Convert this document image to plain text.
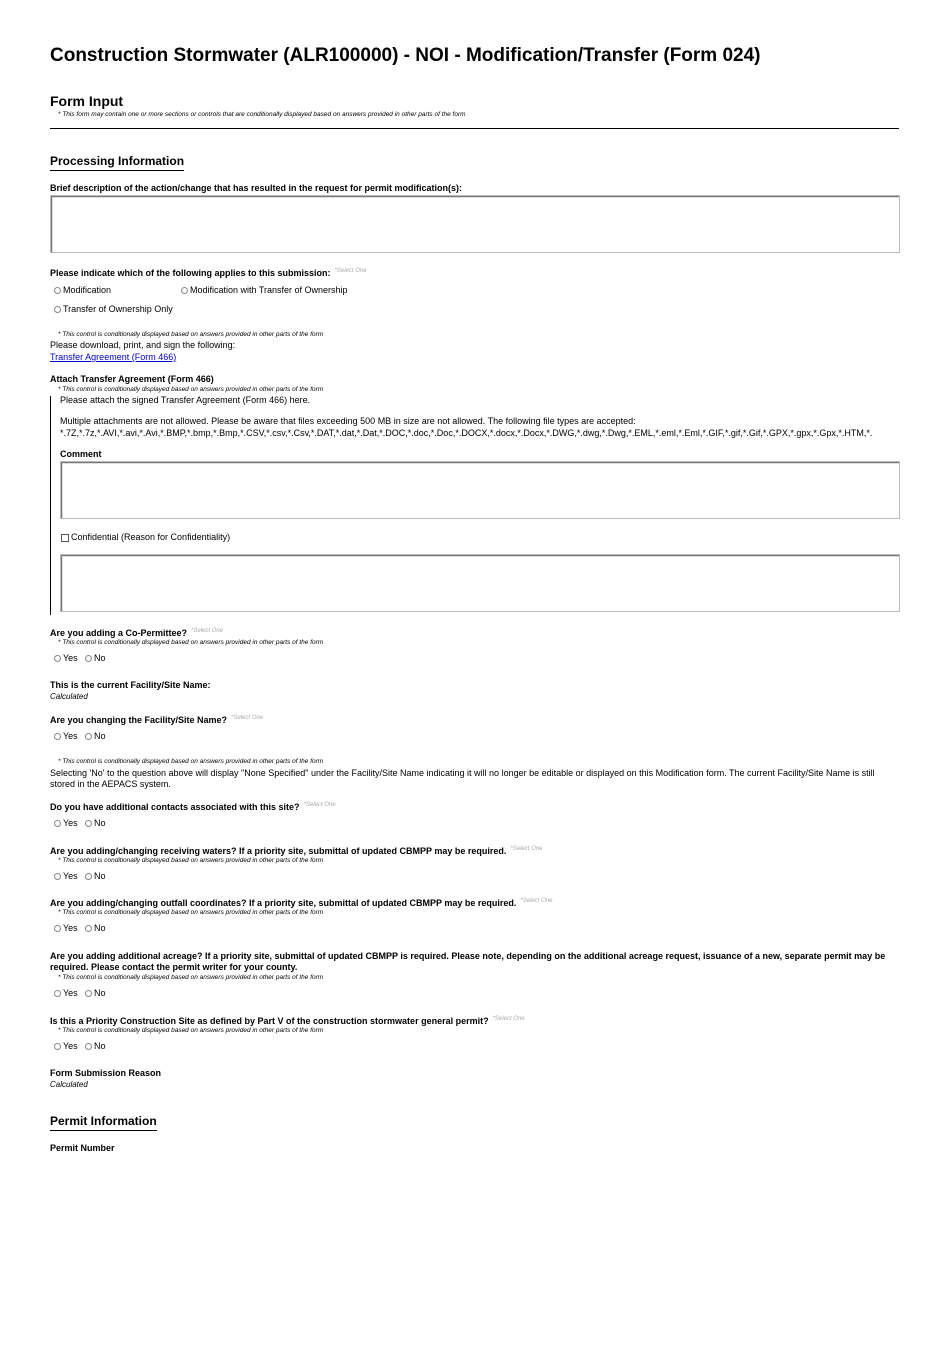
Construction Stormwater (ALR100000) - NOI - Modification/Transfer (Form 024)
Form Input
* This form may contain one or more sections or controls that are conditionally displayed based on answers provided in other parts of the form
Processing Information
Brief description of the action/change that has resulted in the request for permit modification(s):
Please indicate which of the following applies to this submission: $^{*Select One}$
Modification	Modification with Transfer of Ownership
Transfer of Ownership Only
* This control is conditionally displayed based on answers provided in other parts of the form
Please download, print, and sign the following:
Transfer Agreement (Form 466)
Attach Transfer Agreement (Form 466)
* This control is conditionally displayed based on answers provided in other parts of the form
Please attach the signed Transfer Agreement (Form 466) here.
Multiple attachments are not allowed. Please be aware that files exceeding 500 MB in size are not allowed. The following file types are accepted:
*.7Z,*.7z,*.AVI,*.avi,*.Avi,*.BMP,*.bmp,*.Bmp,*.CSV,*.csv,*.Csv,*.DAT,*.dat,*.Dat,*.DOC,*.doc,*.Doc,*.DOCX,*.docx,*.Docx,*.DWG,*.dwg,*.Dwg,*.EML,*.eml,*.Eml,*.GIF,*.gif,*.Gif,*.GPX,*.gpx,*.Gpx,*.HTM,*.
Comment
Confidential (Reason for Confidentiality)
Are you adding a Co-Permittee? $^{*Select One}$
* This control is conditionally displayed based on answers provided in other parts of the form
Yes	No
This is the current Facility/Site Name:
Calculated
Are you changing the Facility/Site Name? $^{*Select One}$
Yes	No
* This control is conditionally displayed based on answers provided in other parts of the form
Selecting 'No' to the question above will display "None Specified" under the Facility/Site Name indicating it will no longer be editable or displayed on this Modification form. The current Facility/Site Name is still stored in the AEPACS system.
Do you have additional contacts associated with this site? $^{*Select One}$
Yes	No
Are you adding/changing receiving waters? If a priority site, submittal of updated CBMPP may be required. $^{*Select One}$
* This control is conditionally displayed based on answers provided in other parts of the form
Yes	No
Are you adding/changing outfall coordinates? If a priority site, submittal of updated CBMPP may be required. $^{*Select One}$
* This control is conditionally displayed based on answers provided in other parts of the form
Yes	No
Are you adding additional acreage? If a priority site, submittal of updated CBMPP is required. Please note, depending on the additional acreage request, issuance of a new, separate permit may be required. Please contact the permit writer for your county.
* This control is conditionally displayed based on answers provided in other parts of the form
Yes	No
Is this a Priority Construction Site as defined by Part V of the construction stormwater general permit? $^{*Select One}$
* This control is conditionally displayed based on answers provided in other parts of the form
Yes	No
Form Submission Reason
Calculated
Permit Information
Permit Number
